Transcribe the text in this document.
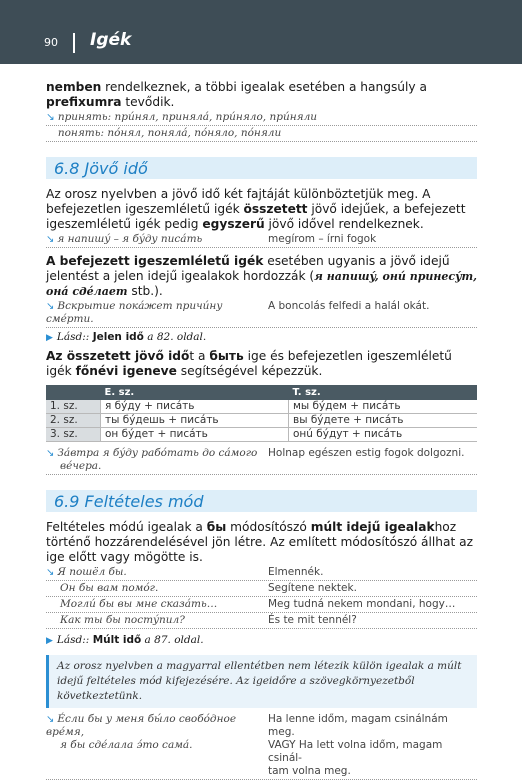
90 Igék

nemben rendelkeznek, a többi igealak esetében a hangsúly a prefixumra tevődik.

↘ принять: прúнял, принялá, прúняло, прúняли
понять: пóнял, понялá, пóняло, пóняли
6.8 Jövő idő

Az orosz nyelvben a jövő idő két fajtáját különböztetjük meg. A befejezetlen igeszemléletű igék összetett jövő idejűek, a befejezett igeszemléletű igék pedig egyszerű jövő idővel rendelkeznek.

↘ я напишý – я бýду писáть	megírom – írni fogok

A befejezett igeszemléletű igék esetében ugyanis a jövő idejű jelentést a jelen idejű igealakok hordozzák (я напишý, онú принесýт, онá сдéлает stb.).

↘ Вскрытие покáжет причúну смéрти.
A boncolás felfedi a halál okát.
▶ Lásd:: Jelen idő a 82. oldal.

Az összetett jövő időt a быть ige és befejezetlen igeszemléletű igék főnévi igeneve segítségével képezzük.

	E. sz.	T. sz.
1. sz.	я бýду + писáть	мы бýдем + писáть
2. sz.	ты бýдешь + писáть	вы бýдете + писáть
3. sz.	он бýдет + писáть	онú бýдут + писáть
↘ Зáвтра я бýду рабóтать до сáмого
вéчера.
Holnap egészen estig fogok dolgozni.
6.9 Feltételes mód

Feltételes módú igealak a бы módosítószó múlt idejű igealakhoz történő hozzárendelésével jön létre. Az említett módosítószó állhat az ige előtt vagy mögötte is.

↘ Я пошёл бы.	Elmennék.
Он бы вам помóг.	Segítene nektek.
Моглú бы вы мне сказáть…	Meg tudná nekem mondani, hogy…
Как ты бы постýпил?	És te mit tennél?
▶ Lásd:: Múlt idő a 87. oldal.
Az orosz nyelvben a magyarral ellentétben nem létezik külön igealak a múlt idejű feltételes mód kifejezésére. Az igeidőre a szövegkörnyezetből következtetünk.
↘ Éсли бы у меня бы́ло свобóдное врéмя,
я бы сдéлала э́то самá.
Ha lenne időm, magam csinálnám meg.
VAGY Ha lett volna időm, magam csinál-
tam volna meg.
